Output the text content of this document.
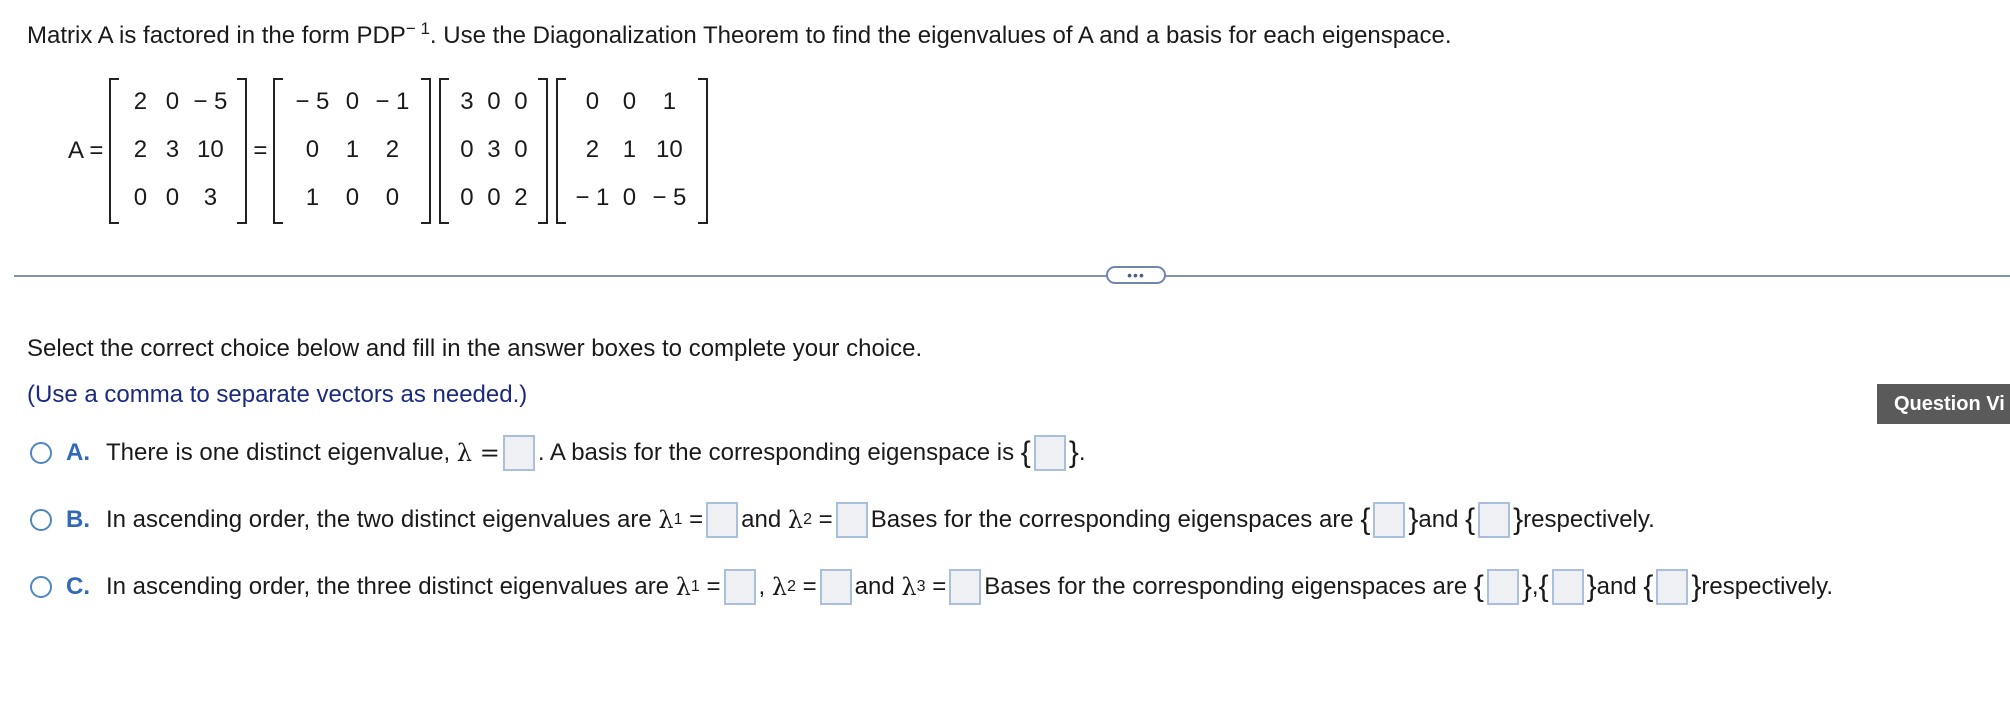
Matrix A is factored in the form $PDP^{- 1}$. Use the Diagonalization Theorem to find the eigenvalues of A and a basis for each eigenspace.
A =
2 0 − 5
2 3 10
0 0	3
=
− 5 0 − 1
0	1	2
1	0	0
3 0 0
0 3 0
0 0 2
0 0	1
2 1 10
− 1 0 − 5
•••
Select the correct choice below and fill in the answer boxes to complete your choice.
(Use a comma to separate vectors as needed.)	Question Vi
A. There is one distinct eigenvalue,
λ = . A basis for the corresponding eigenspace is
{ } .
B. In ascending order, the two distinct eigenvalues are
λ 1
= and
λ 2
= Bases for the corresponding eigenspaces are
{ } and
{ } respectively.
C. In ascending order, the three distinct eigenvalues are
λ 1
= ,
λ 2
= and
λ 3
= Bases for the corresponding eigenspaces are
{ } , { } and
{ } respectively.
